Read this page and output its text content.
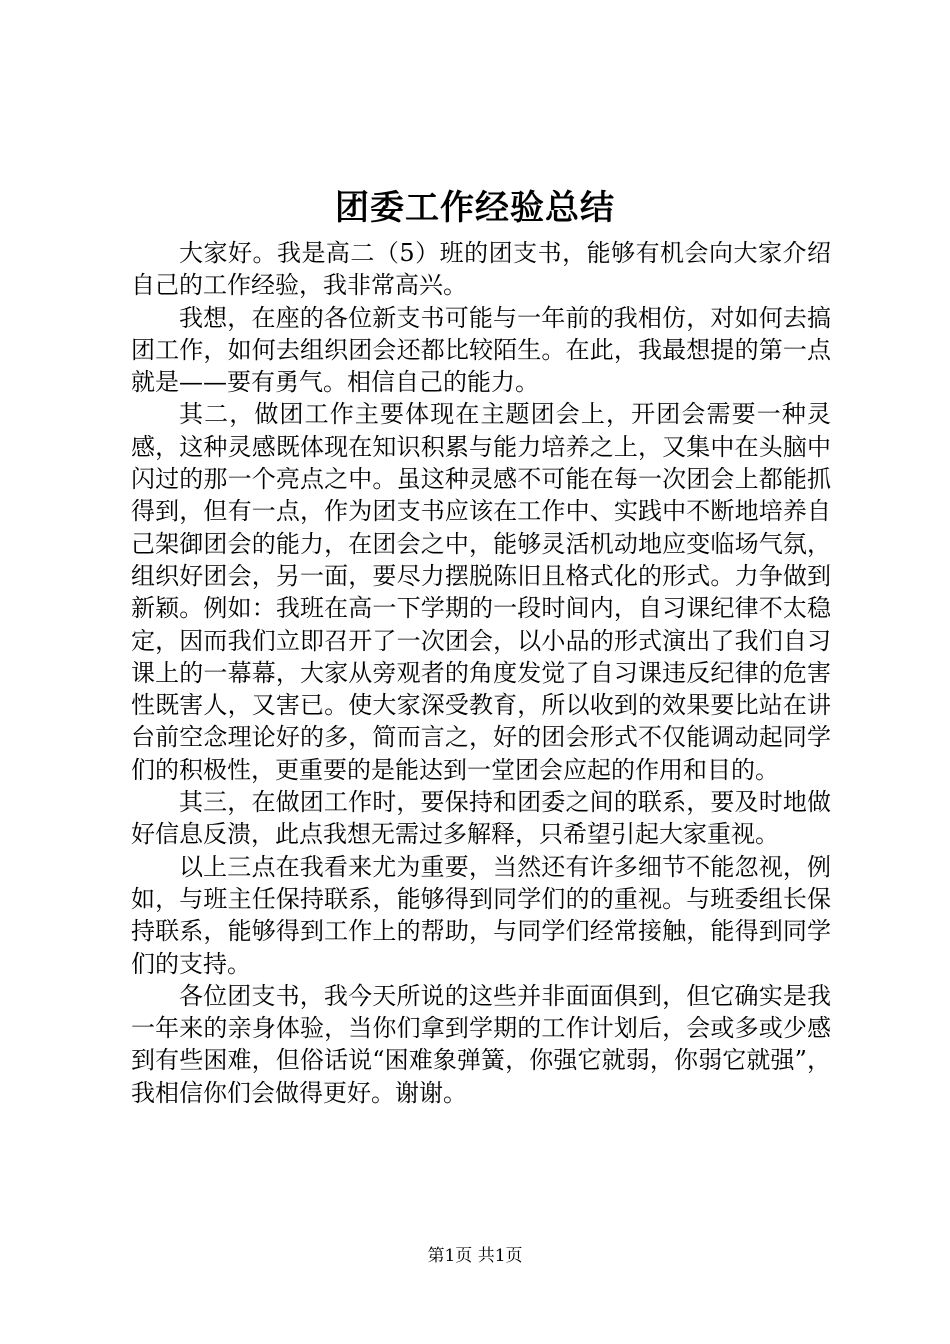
团委工作经验总结

大家好。我是高二（5）班的团支书，能够有机会向大家介绍自己的工作经验，我非常高兴。

我想，在座的各位新支书可能与一年前的我相仿，对如何去搞团工作，如何去组织团会还都比较陌生。在此，我最想提的第一点就是——要有勇气。相信自己的能力。

其二，做团工作主要体现在主题团会上，开团会需要一种灵感，这种灵感既体现在知识积累与能力培养之上，又集中在头脑中闪过的那一个亮点之中。虽这种灵感不可能在每一次团会上都能抓得到，但有一点，作为团支书应该在工作中、实践中不断地培养自己架御团会的能力，在团会之中，能够灵活机动地应变临场气氛，组织好团会，另一面，要尽力摆脱陈旧且格式化的形式。力争做到新颖。例如：我班在高一下学期的一段时间内，自习课纪律不太稳定，因而我们立即召开了一次团会，以小品的形式演出了我们自习课上的一幕幕，大家从旁观者的角度发觉了自习课违反纪律的危害性既害人，又害已。使大家深受教育，所以收到的效果要比站在讲台前空念理论好的多，简而言之，好的团会形式不仅能调动起同学们的积极性，更重要的是能达到一堂团会应起的作用和目的。

其三，在做团工作时，要保持和团委之间的联系，要及时地做好信息反溃，此点我想无需过多解释，只希望引起大家重视。

以上三点在我看来尤为重要，当然还有许多细节不能忽视，例如，与班主任保持联系，能够得到同学们的的重视。与班委组长保持联系，能够得到工作上的帮助，与同学们经常接触，能得到同学们的支持。

各位团支书，我今天所说的这些并非面面俱到，但它确实是我一年来的亲身体验，当你们拿到学期的工作计划后，会或多或少感到有些困难，但俗话说“困难象弹簧，你强它就弱，你弱它就强”，我相信你们会做得更好。谢谢。

第1页 共1页
